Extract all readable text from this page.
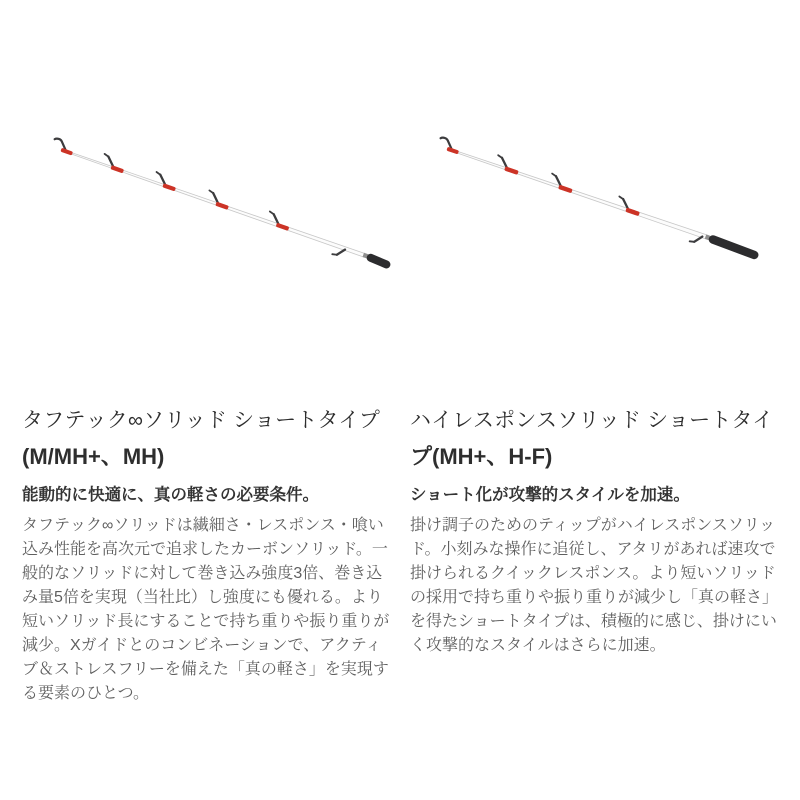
タフテック∞ソリッド ショートタイプ
(M/MH+、MH)

能動的に快適に、真の軽さの必要条件。

タフテック∞ソリッドは繊細さ・レスポンス・喰い込み性能を高次元で追求したカーボンソリッド。一般的なソリッドに対して巻き込み強度3倍、巻き込み量5倍を実現（当社比）し強度にも優れる。より短いソリッド長にすることで持ち重りや振り重りが減少。Xガイドとのコンビネーションで、アクティブ＆ストレスフリーを備えた「真の軽さ」を実現する要素のひとつ。

ハイレスポンスソリッド ショートタイ
プ(MH+、H-F)

ショート化が攻撃的スタイルを加速。

掛け調子のためのティップがハイレスポンスソリッド。小刻みな操作に追従し、アタリがあれば速攻で掛けられるクイックレスポンス。より短いソリッドの採用で持ち重りや振り重りが減少し「真の軽さ」を得たショートタイプは、積極的に感じ、掛けにいく攻撃的なスタイルはさらに加速。
